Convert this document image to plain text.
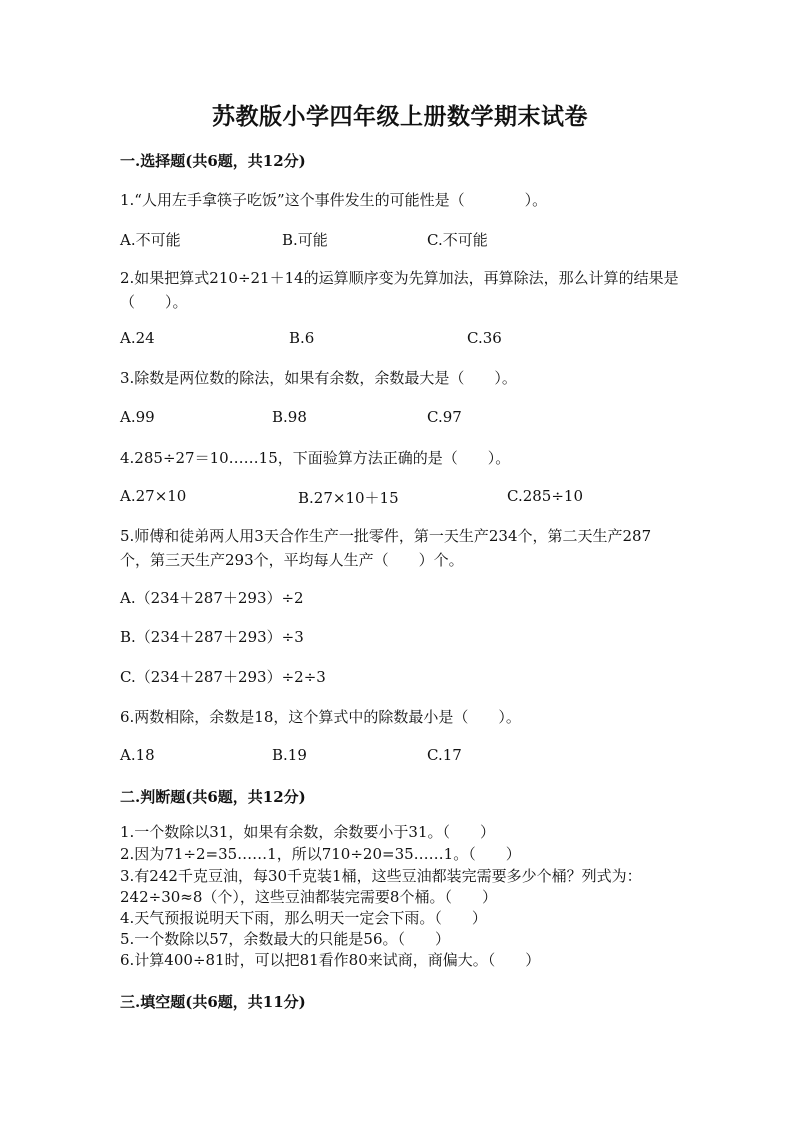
苏教版小学四年级上册数学期末试卷
一.选择题(共6题，共12分)
1.“人用左手拿筷子吃饭”这个事件发生的可能性是（　　　　）。
A.不可能	B.可能	C.不可能
2.如果把算式210÷21＋14的运算顺序变为先算加法，再算除法，那么计算的结果是（　　）。
A.24	B.6	C.36
3.除数是两位数的除法，如果有余数，余数最大是（　　）。
A.99	B.98	C.97
4.285÷27＝10……15，下面验算方法正确的是（　　）。
A.27×10	B.27×10＋15	C.285÷10
5.师傅和徒弟两人用3天合作生产一批零件，第一天生产234个，第二天生产287个，第三天生产293个，平均每人生产（　　）个。
A.（234＋287＋293）÷2
B.（234＋287＋293）÷3
C.（234＋287＋293）÷2÷3
6.两数相除，余数是18，这个算式中的除数最小是（　　）。
A.18	B.19	C.17
二.判断题(共6题，共12分)
1.一个数除以31，如果有余数，余数要小于31。（　　）
2.因为71÷2=35……1，所以710÷20=35……1。（　　）
3.有242千克豆油，每30千克装1桶，这些豆油都装完需要多少个桶？列式为：242÷30≈8（个），这些豆油都装完需要8个桶。（　　）
4.天气预报说明天下雨，那么明天一定会下雨。（　　）
5.一个数除以57，余数最大的只能是56。（　　）
6.计算400÷81时，可以把81看作80来试商，商偏大。（　　）
三.填空题(共6题，共11分)
